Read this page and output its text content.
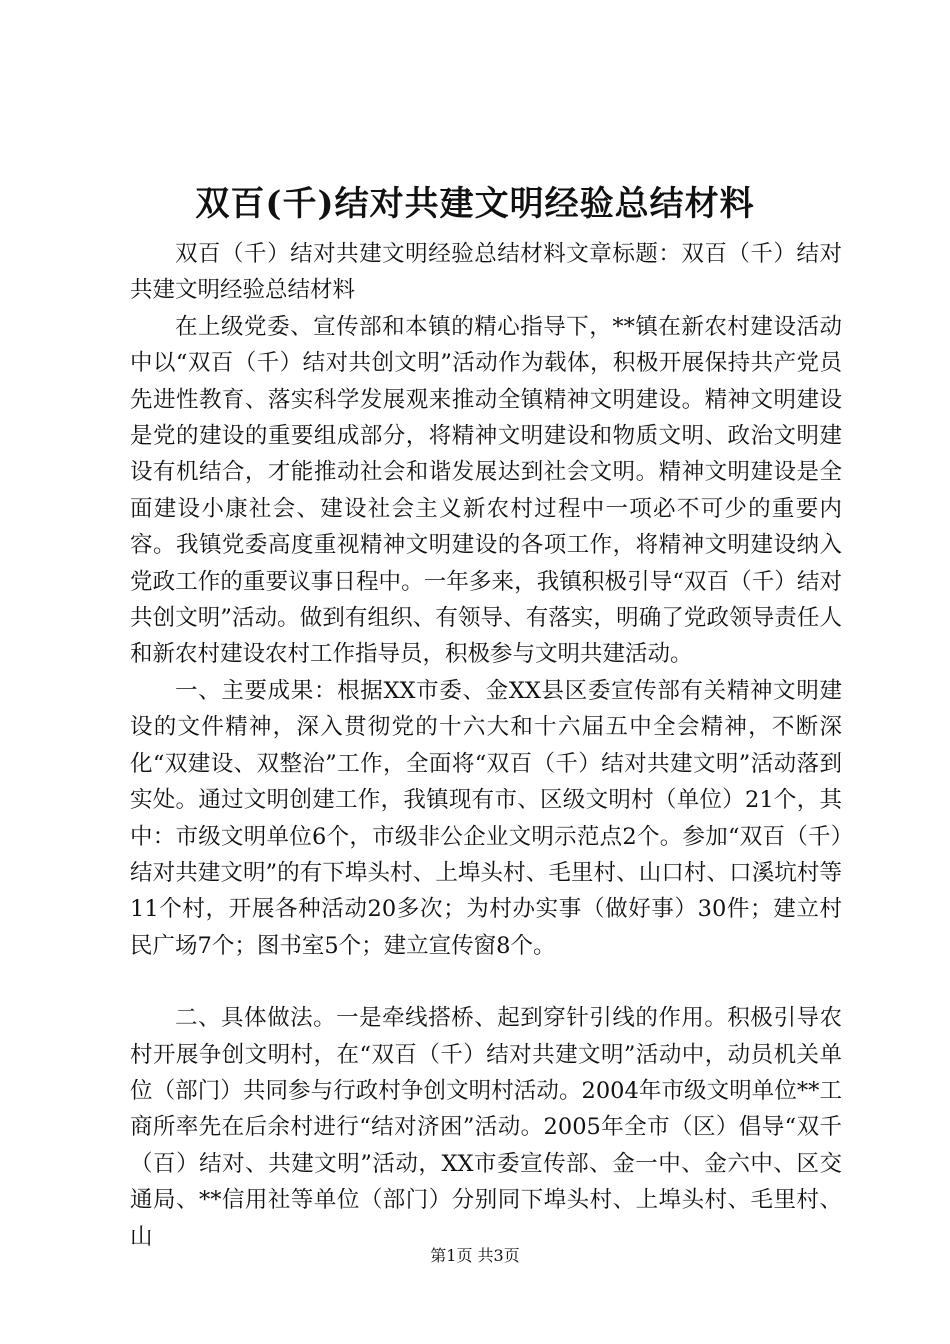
双百(千)结对共建文明经验总结材料

双百（千）结对共建文明经验总结材料文章标题：双百（千）结对共建文明经验总结材料

在上级党委、宣传部和本镇的精心指导下，**镇在新农村建设活动中以“双百（千）结对共创文明”活动作为载体，积极开展保持共产党员先进性教育、落实科学发展观来推动全镇精神文明建设。精神文明建设是党的建设的重要组成部分，将精神文明建设和物质文明、政治文明建设有机结合，才能推动社会和谐发展达到社会文明。精神文明建设是全面建设小康社会、建设社会主义新农村过程中一项必不可少的重要内容。我镇党委高度重视精神文明建设的各项工作，将精神文明建设纳入党政工作的重要议事日程中。一年多来，我镇积极引导“双百（千）结对共创文明”活动。做到有组织、有领导、有落实，明确了党政领导责任人和新农村建设农村工作指导员，积极参与文明共建活动。

一、主要成果：根据XX市委、金XX县区委宣传部有关精神文明建设的文件精神，深入贯彻党的十六大和十六届五中全会精神，不断深化“双建设、双整治”工作，全面将“双百（千）结对共建文明”活动落到实处。通过文明创建工作，我镇现有市、区级文明村（单位）21个，其中：市级文明单位6个，市级非公企业文明示范点2个。参加“双百（千）结对共建文明”的有下埠头村、上埠头村、毛里村、山口村、口溪坑村等11个村，开展各种活动20多次；为村办实事（做好事）30件；建立村民广场7个；图书室5个；建立宣传窗8个。

二、具体做法。一是牵线搭桥、起到穿针引线的作用。积极引导农村开展争创文明村，在“双百（千）结对共建文明”活动中，动员机关单位（部门）共同参与行政村争创文明村活动。2004年市级文明单位**工商所率先在后余村进行“结对济困”活动。2005年全市（区）倡导“双千（百）结对、共建文明”活动，XX市委宣传部、金一中、金六中、区交通局、**信用社等单位（部门）分别同下埠头村、上埠头村、毛里村、山

第1页 共3页
